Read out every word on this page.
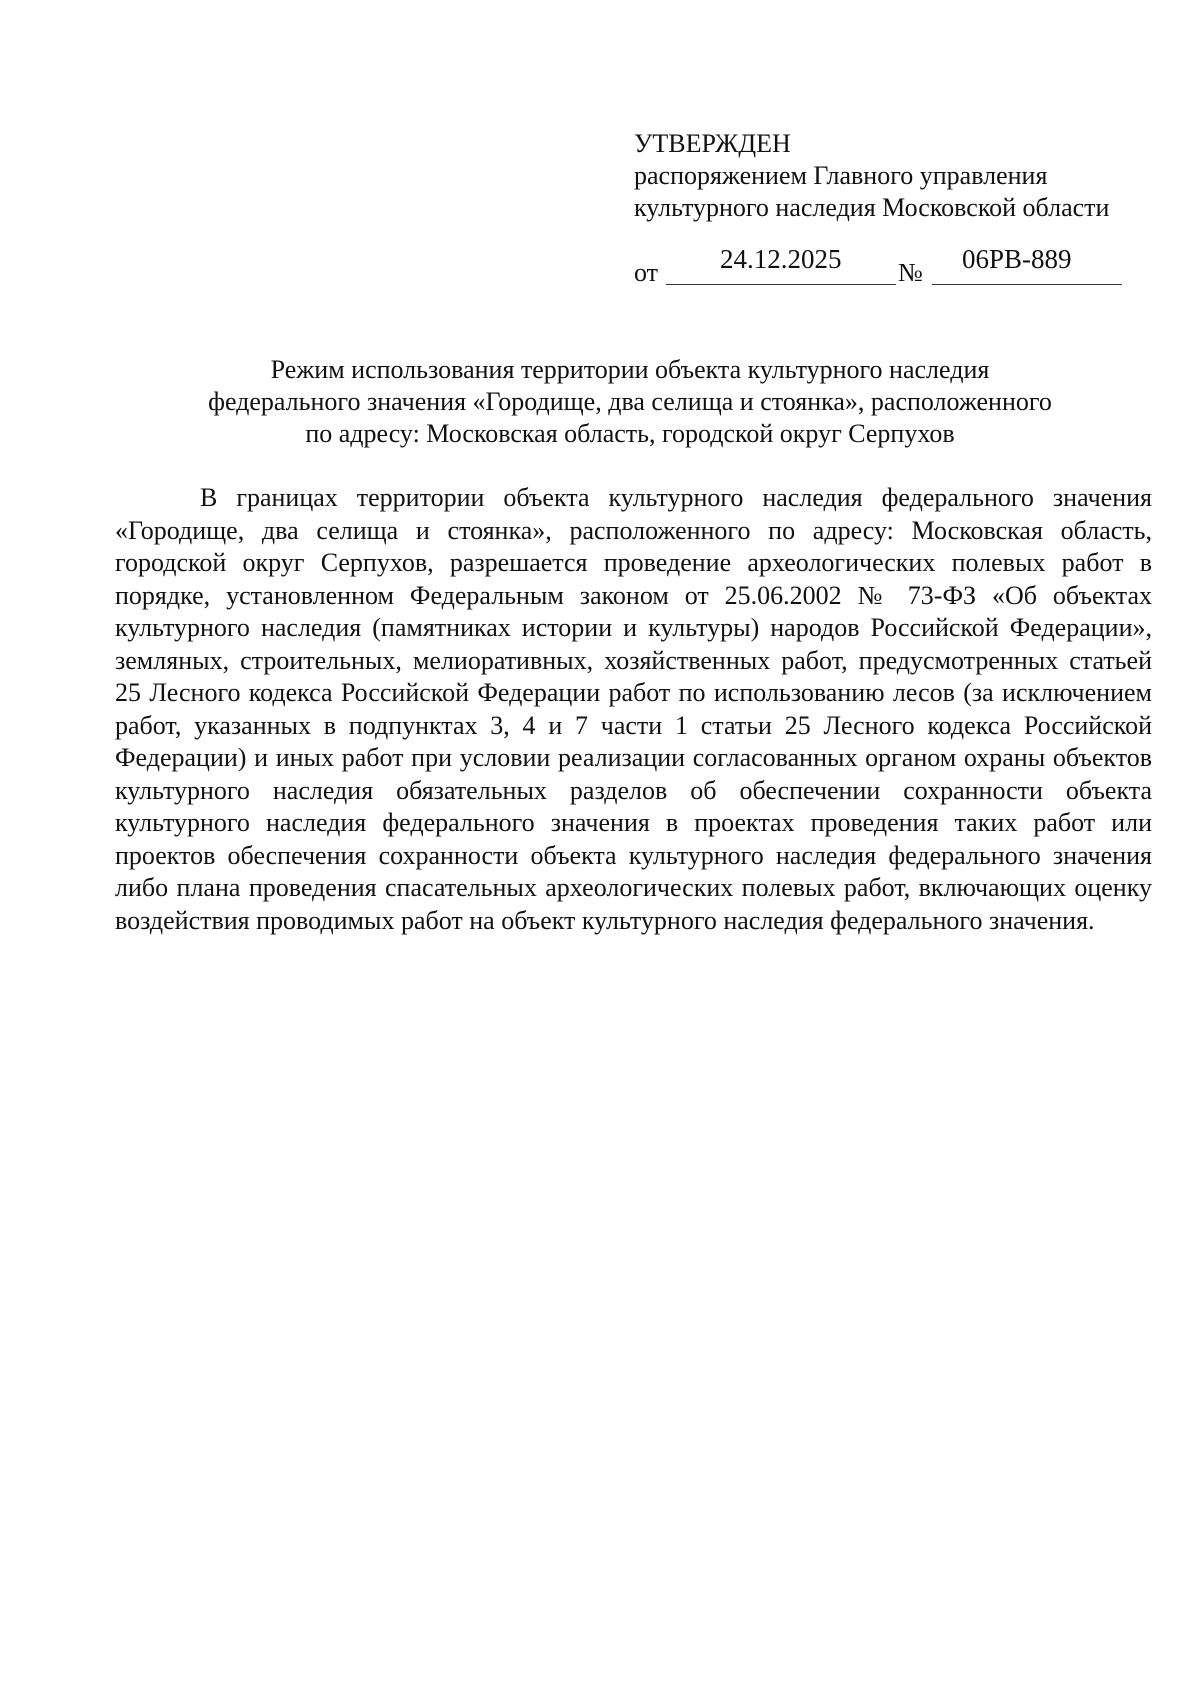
УТВЕРЖДЕН
распоряжением Главного управления
культурного наследия Московской области
от 24.12.2025 № 06РВ-889
Режим использования территории объекта культурного наследия
федерального значения «Городище, два селища и стоянка», расположенного
по адресу: Московская область, городской округ Серпухов

В границах территории объекта культурного наследия федерального значения «Городище, два селища и стоянка», расположенного по адресу: Московская область, городской округ Серпухов, разрешается проведение археологических полевых работ в порядке, установленном Федеральным законом от 25.06.2002 № 73-ФЗ «Об объектах культурного наследия (памятниках истории и культуры) народов Российской Федерации», земляных, строительных, мелиоративных, хозяйственных работ, предусмотренных статьей 25 Лесного кодекса Российской Федерации работ по использованию лесов (за исключением работ, указанных в подпунктах 3, 4 и 7 части 1 статьи 25 Лесного кодекса Российской Федерации) и иных работ при условии реализации согласованных органом охраны объектов культурного наследия обязательных разделов об обеспечении сохранности объекта культурного наследия федерального значения в проектах проведения таких работ или проектов обеспечения сохранности объекта культурного наследия федерального значения либо плана проведения спасательных археологических полевых работ, включающих оценку воздействия проводимых работ на объект культурного наследия федерального значения.
